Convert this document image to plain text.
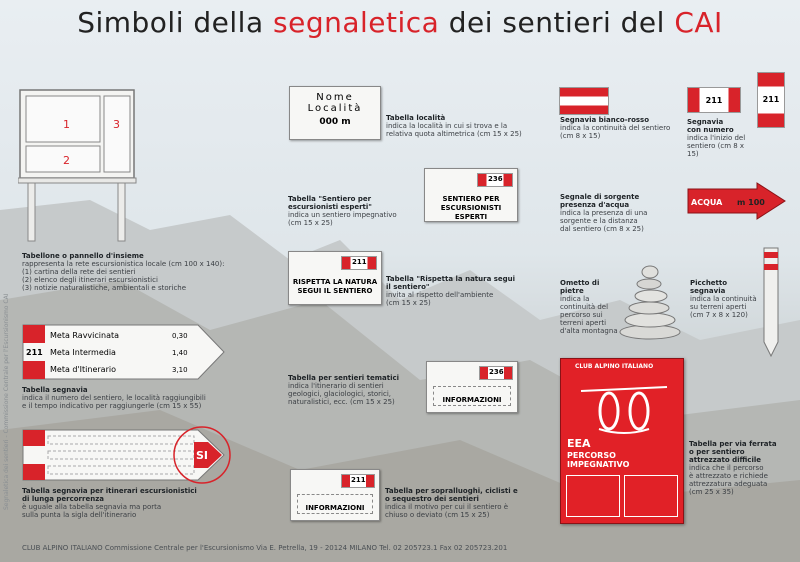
Simboli della segnaletica dei sentieri del CAI
Segnaletica dei sentieri - Commissione Centrale per l'Escursionismo CAI
1
2
3
Tabellone o pannello d'insieme
rappresenta la rete escursionistica locale (cm 100 x 140):
(1) cartina della rete dei sentieri
(2) elenco degli itinerari escursionistici
(3) notizie naturalistiche, ambientali e storiche
Nome
Località
000 m	Tabella località
indica la località in cui si trova e la
relativa quota altimetrica (cm 15 x 25)
236
SENTIERO PER
ESCURSIONISTI ESPERTI
Tabella "Sentiero per escursionisti esperti"
indica un sentiero impegnativo
(cm 15 x 25)
211
RISPETTA LA NATURA
SEGUI IL SENTIERO
Tabella "Rispetta la natura segui
il sentiero"
invita al rispetto dell'ambiente
(cm 15 x 25)
Meta Ravvicinata	0,30
211 Meta Intermedia	1,40
Meta d'Itinerario	3,10
Tabella segnavia
indica il numero del sentiero, le località raggiungibili
e il tempo indicativo per raggiungerle (cm 15 x 55)
SI
Tabella segnavia per itinerari escursionistici
di lunga percorrenza
è uguale alla tabella segnavia ma porta
sulla punta la sigla dell'itinerario
236
INFORMAZIONI
Tabella per sentieri tematici
indica l'itinerario di sentieri
geologici, glaciologici, storici,
naturalistici, ecc. (cm 15 x 25)
211
INFORMAZIONI
Tabella per sopralluoghi, ciclisti e
o sequestro dei sentieri
indica il motivo per cui il sentiero è
chiuso o deviato (cm 15 x 25)
Segnavia bianco-rosso
indica la continuità del sentiero
(cm 8 x 15)
211	211
Segnavia
con numero
indica l'inizio del
sentiero (cm 8 x 15)
ACQUA m 100
Segnale di sorgente
presenza d'acqua
indica la presenza di una sorgente e la distanza
dal sentiero (cm 8 x 25)
Ometto di pietre
indica la continuità del
percorso sui terreni aperti
d'alta montagna
Picchetto
segnavia
indica la continuità
su terreni aperti
(cm 7 x 8 x 120)
CLUB ALPINO ITALIANO
EEA
PERCORSO
IMPEGNATIVO
Tabella per via ferrata
o per sentiero
attrezzato difficile
indica che il percorso
è attrezzato e richiede
attrezzatura adeguata
(cm 25 x 35)
CLUB ALPINO ITALIANO Commissione Centrale per l'Escursionismo Via E. Petrella, 19 - 20124 MILANO Tel. 02 205723.1 Fax 02 205723.201
